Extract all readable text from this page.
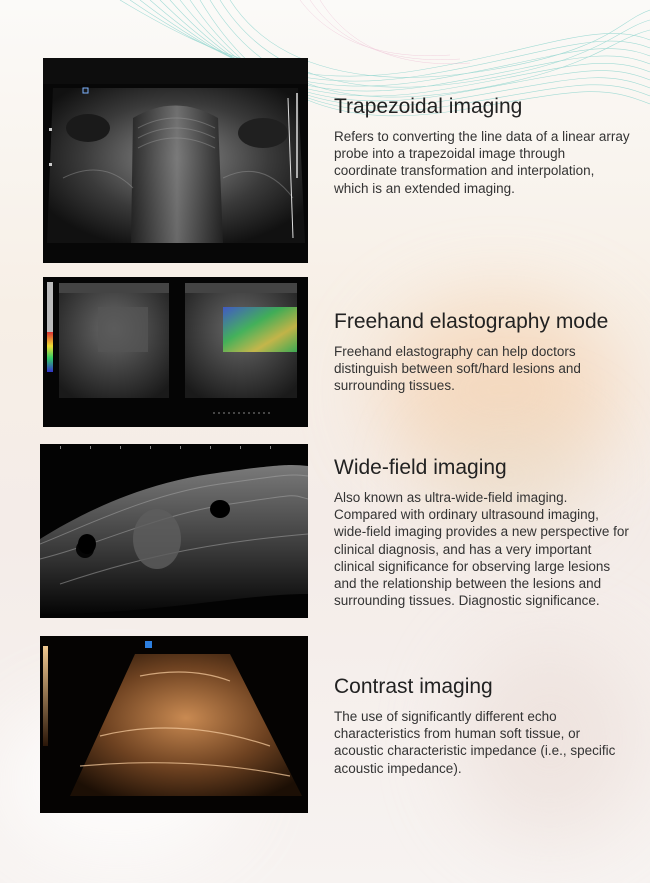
Trapezoidal imaging

Refers to converting the line data of a linear array probe into a trapezoidal image through coordinate transformation and interpolation, which is an extended imaging.

Freehand elastography mode

Freehand elastography can help doctors distinguish between soft/hard lesions and surrounding tissues.

Wide-field imaging

Also known as ultra-wide-field imaging. Compared with ordinary ultrasound imaging, wide-field imaging provides a new perspective for clinical diagnosis, and has a very important clinical significance for observing large lesions and the relationship between the lesions and surrounding tissues. Diagnostic significance.

Contrast imaging

The use of significantly different echo characteristics from human soft tissue, or acoustic characteristic impedance (i.e., specific acoustic impedance).
